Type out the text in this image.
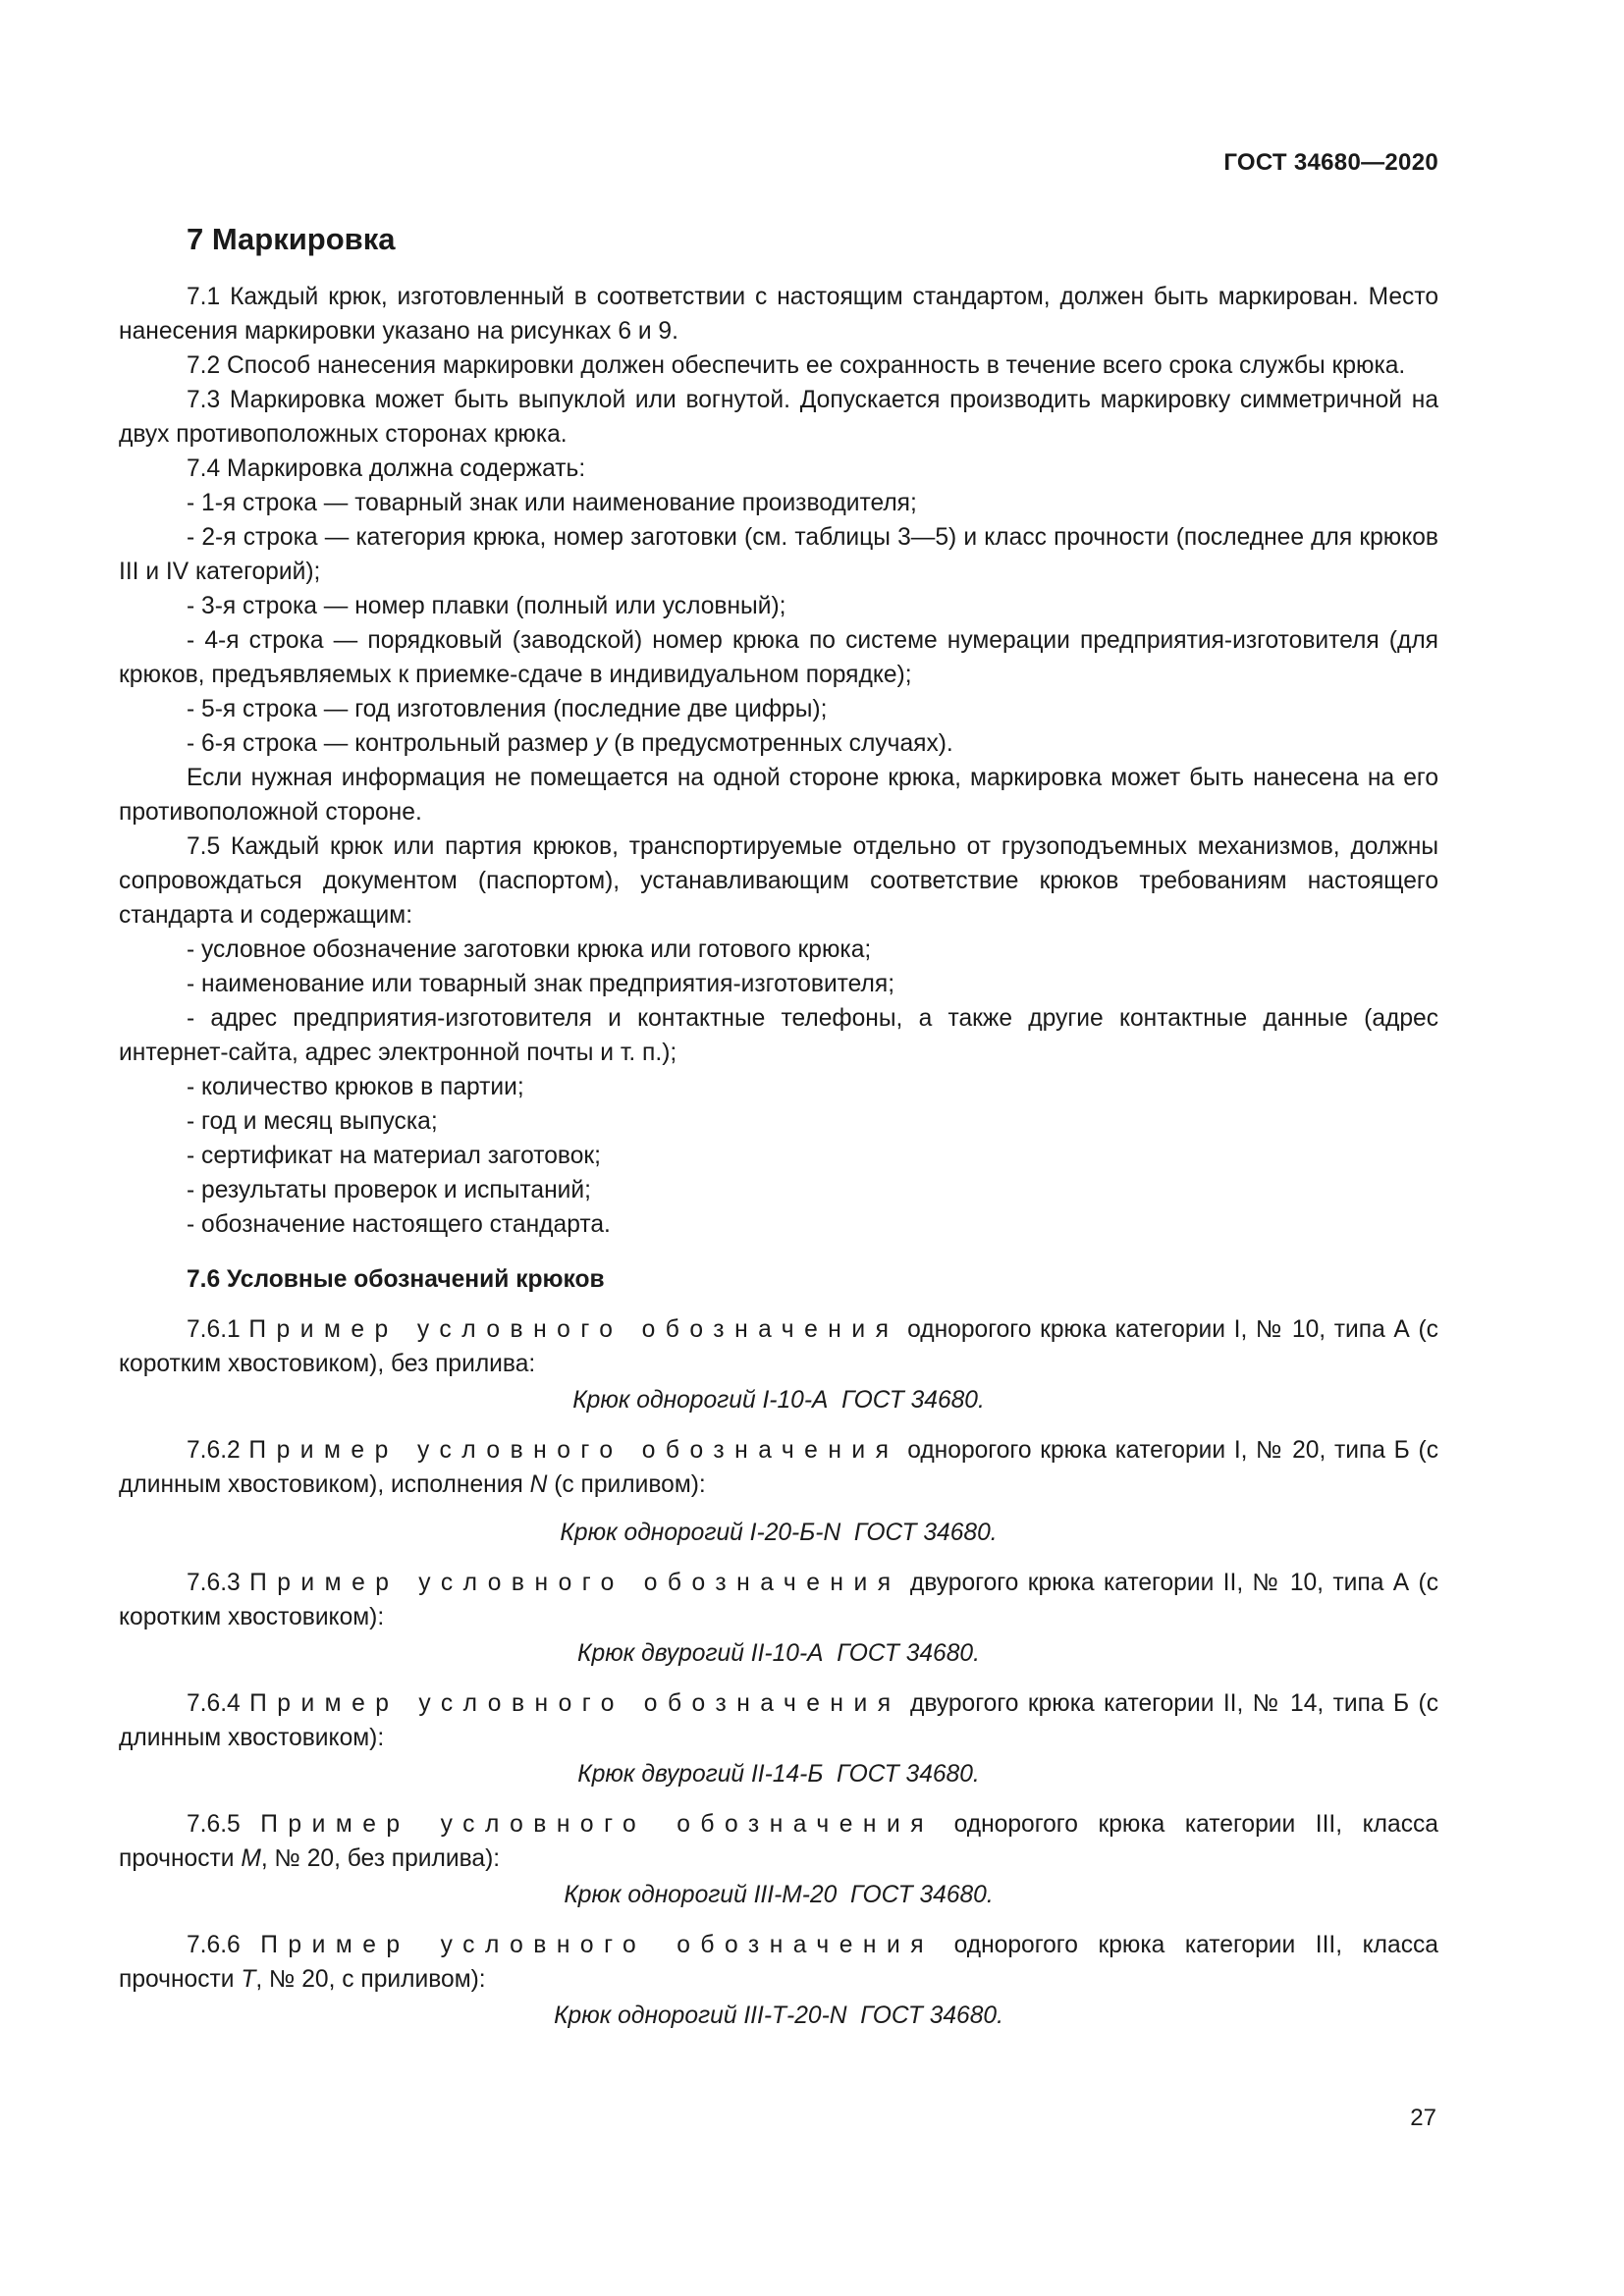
ГОСТ 34680—2020
7 Маркировка

7.1 Каждый крюк, изготовленный в соответствии с настоящим стандартом, должен быть маркирован. Место нанесения маркировки указано на рисунках 6 и 9.

7.2 Способ нанесения маркировки должен обеспечить ее сохранность в течение всего срока службы крюка.

7.3 Маркировка может быть выпуклой или вогнутой. Допускается производить маркировку симметричной на двух противоположных сторонах крюка.

7.4 Маркировка должна содержать:

- 1-я строка — товарный знак или наименование производителя;

- 2-я строка — категория крюка, номер заготовки (см. таблицы 3—5) и класс прочности (последнее для крюков III и IV категорий);

- 3-я строка — номер плавки (полный или условный);

- 4-я строка — порядковый (заводской) номер крюка по системе нумерации предприятия-изготовителя (для крюков, предъявляемых к приемке-сдаче в индивидуальном порядке);

- 5-я строка — год изготовления (последние две цифры);

- 6-я строка — контрольный размер y (в предусмотренных случаях).

Если нужная информация не помещается на одной стороне крюка, маркировка может быть нанесена на его противоположной стороне.

7.5 Каждый крюк или партия крюков, транспортируемые отдельно от грузоподъемных механизмов, должны сопровождаться документом (паспортом), устанавливающим соответствие крюков требованиям настоящего стандарта и содержащим:

- условное обозначение заготовки крюка или готового крюка;

- наименование или товарный знак предприятия-изготовителя;

- адрес предприятия-изготовителя и контактные телефоны, а также другие контактные данные (адрес интернет-сайта, адрес электронной почты и т. п.);

- количество крюков в партии;

- год и месяц выпуска;

- сертификат на материал заготовок;

- результаты проверок и испытаний;

- обозначение настоящего стандарта.

7.6 Условные обозначений крюков

7.6.1 Пример условного обозначения однорогого крюка категории I, № 10, типа А (с коротким хвостовиком), без прилива:

Крюк однорогий I-10-А  ГОСТ 34680.

7.6.2 Пример условного обозначения однорогого крюка категории I, № 20, типа Б (с длинным хвостовиком), исполнения N (с приливом):

Крюк однорогий I-20-Б-N  ГОСТ 34680.

7.6.3 Пример условного обозначения двурогого крюка категории II, № 10, типа А (с коротким хвостовиком):

Крюк двурогий II-10-А  ГОСТ 34680.

7.6.4 Пример условного обозначения двурогого крюка категории II, № 14, типа Б (с длинным хвостовиком):

Крюк двурогий II-14-Б  ГОСТ 34680.

7.6.5 Пример условного обозначения однорогого крюка категории III, класса прочности М, № 20, без прилива):

Крюк однорогий III-М-20  ГОСТ 34680.

7.6.6 Пример условного обозначения однорогого крюка категории III, класса прочности Т, № 20, с приливом):

Крюк однорогий III-Т-20-N  ГОСТ 34680.

27
